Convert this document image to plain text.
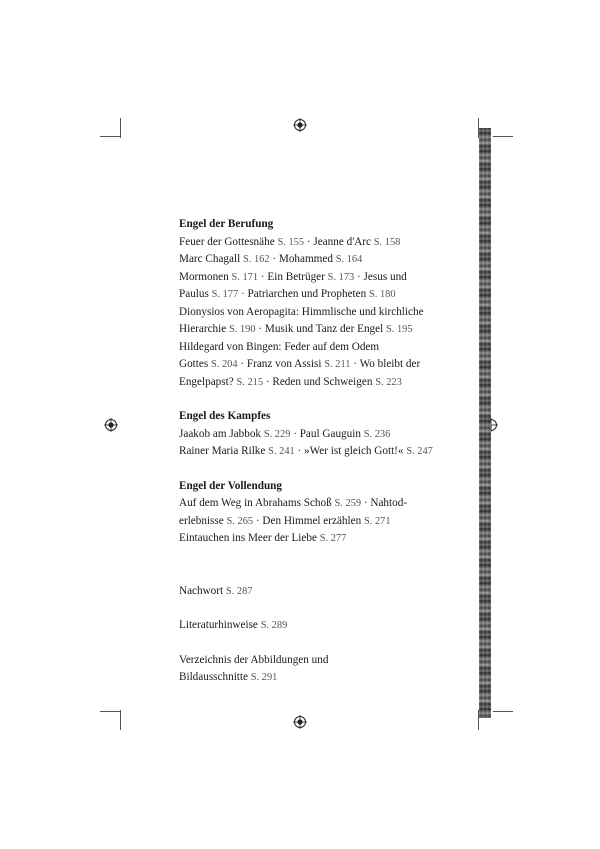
Engel der Berufung
Feuer der Gottesnähe S. 155 · Jeanne d'Arc S. 158
Marc Chagall S. 162 · Mohammed S. 164
Mormonen S. 171 · Ein Betrüger S. 173 · Jesus und
Paulus S. 177 · Patriarchen und Propheten S. 180
Dionysios von Aeropagita: Himmlische und kirchliche
Hierarchie S. 190 · Musik und Tanz der Engel S. 195
Hildegard von Bingen: Feder auf dem Odem
Gottes S. 204 · Franz von Assisi S. 211 · Wo bleibt der
Engelpapst? S. 215 · Reden und Schweigen S. 223
Engel des Kampfes
Jaakob am Jabbok S. 229 · Paul Gauguin S. 236
Rainer Maria Rilke S. 241 · »Wer ist gleich Gott!« S. 247
Engel der Vollendung
Auf dem Weg in Abrahams Schoß S. 259 · Nahtod-
erlebnisse S. 265 · Den Himmel erzählen S. 271
Eintauchen ins Meer der Liebe S. 277
Nachwort S. 287
Literaturhinweise S. 289
Verzeichnis der Abbildungen und
Bildausschnitte S. 291
